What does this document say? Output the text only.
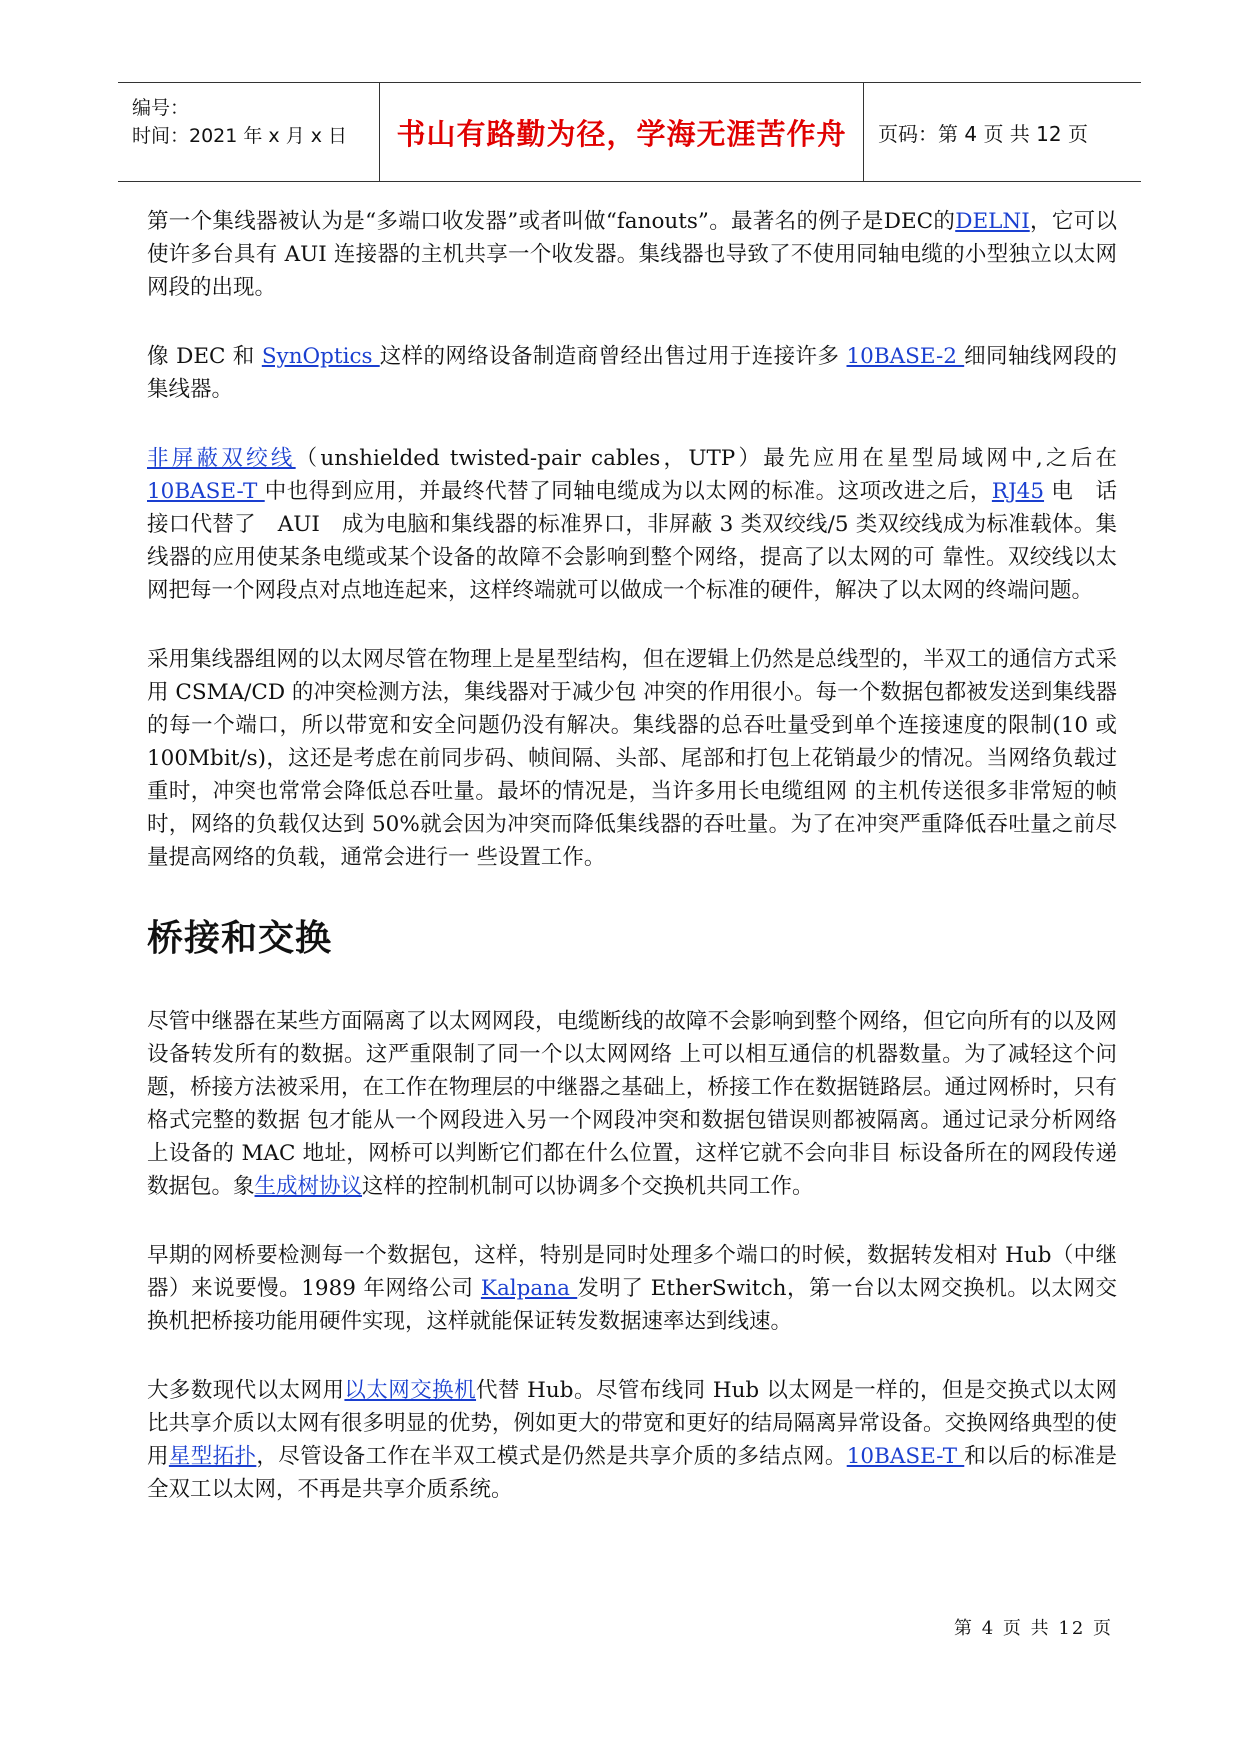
编号：
时间：2021 年 x 月 x 日 书山有路勤为径，学海无涯苦作舟 页码：第 4 页 共 12 页

第一个集线器被认为是“多端口收发器”或者叫做“fanouts”。最著名的例子是DEC的DELNI，它可以使许多台具有 AUI 连接器的主机共享一个收发器。集线器也导致了不使用同轴电缆的小型独立以太网网段的出现。

像 DEC 和 SynOptics 这样的网络设备制造商曾经出售过用于连接许多 10BASE-2 细同轴线网段的集线器。

非屏蔽双绞线（unshielded twisted-pair cables，UTP）最先应用在星型局域网中,之后在 10BASE-T 中也得到应用，并最终代替了同轴电缆成为以太网的标准。这项改进之后，RJ45 电　话接口代替了　AUI　成为电脑和集线器的标准界口，非屏蔽 3 类双绞线/5 类双绞线成为标准载体。集线器的应用使某条电缆或某个设备的故障不会影响到整个网络，提高了以太网的可 靠性。双绞线以太网把每一个网段点对点地连起来，这样终端就可以做成一个标准的硬件，解决了以太网的终端问题。

采用集线器组网的以太网尽管在物理上是星型结构，但在逻辑上仍然是总线型的，半双工的通信方式采用 CSMA/CD 的冲突检测方法，集线器对于减少包 冲突的作用很小。每一个数据包都被发送到集线器的每一个端口，所以带宽和安全问题仍没有解决。集线器的总吞吐量受到单个连接速度的限制(10 或 100Mbit/s)，这还是考虑在前同步码、帧间隔、头部、尾部和打包上花销最少的情况。当网络负载过重时，冲突也常常会降低总吞吐量。最坏的情况是，当许多用长电缆组网 的主机传送很多非常短的帧时，网络的负载仅达到 50%就会因为冲突而降低集线器的吞吐量。为了在冲突严重降低吞吐量之前尽量提高网络的负载，通常会进行一 些设置工作。

桥接和交换

尽管中继器在某些方面隔离了以太网网段，电缆断线的故障不会影响到整个网络，但它向所有的以及网设备转发所有的数据。这严重限制了同一个以太网网络 上可以相互通信的机器数量。为了减轻这个问题，桥接方法被采用，在工作在物理层的中继器之基础上，桥接工作在数据链路层。通过网桥时，只有格式完整的数据 包才能从一个网段进入另一个网段冲突和数据包错误则都被隔离。通过记录分析网络上设备的 MAC 地址，网桥可以判断它们都在什么位置，这样它就不会向非目 标设备所在的网段传递数据包。象生成树协议这样的控制机制可以协调多个交换机共同工作。

早期的网桥要检测每一个数据包，这样，特别是同时处理多个端口的时候，数据转发相对 Hub（中继器）来说要慢。1989 年网络公司 Kalpana 发明了 EtherSwitch，第一台以太网交换机。以太网交换机把桥接功能用硬件实现，这样就能保证转发数据速率达到线速。

大多数现代以太网用以太网交换机代替 Hub。尽管布线同 Hub 以太网是一样的，但是交换式以太网比共享介质以太网有很多明显的优势，例如更大的带宽和更好的结局隔离异常设备。交换网络典型的使用星型拓扑，尽管设备工作在半双工模式是仍然是共享介质的多结点网。10BASE-T 和以后的标准是全双工以太网，不再是共享介质系统。

第 4 页 共 12 页
